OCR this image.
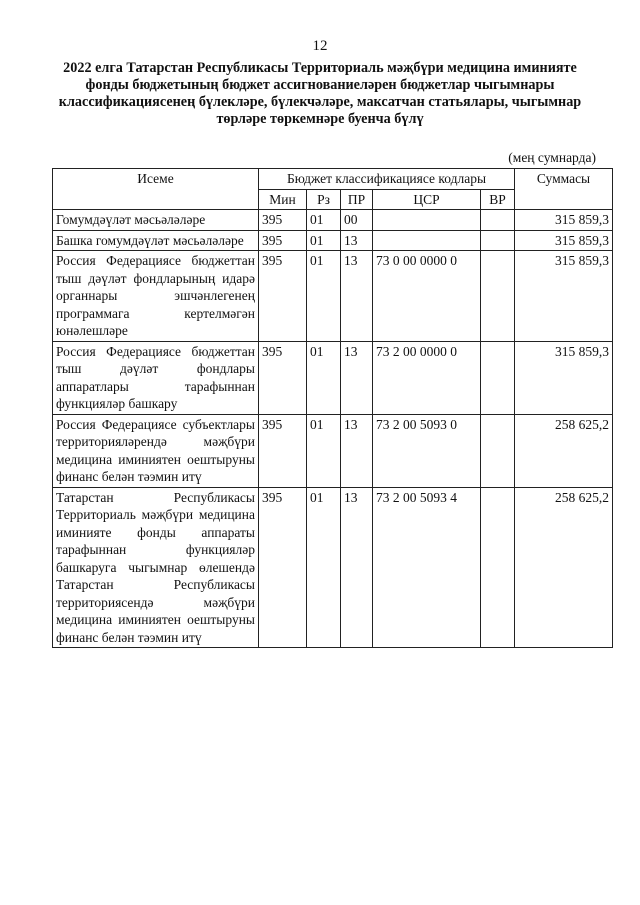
12
2022 елга Татарстан Республикасы Территориаль мәҗбүри медицина иминияте фонды бюджетының бюджет ассигнованиеләрен бюджетлар чыгымнары классификациясенең бүлекләре, бүлекчәләре, максатчан статьялары, чыгымнар төрләре төркемнәре буенча бүлү
(мең сумнарда)
Исеме	Бюджет классификациясе кодлары					Суммасы
	Мин	Рз	ПР	ЦСР	ВР	
Гомумдәүләт мәсьәләләре	395	01	00			315 859,3
Башка гомумдәүләт мәсьәләләре	395	01	13			315 859,3
Россия Федерациясе бюджеттан тыш дәүләт фондларының идарә органнары эшчәнлегенең программага кертелмәгән юнәлешләре	395	01	13	73 0 00 0000 0		315 859,3
Россия Федерациясе бюджеттан тыш дәүләт фондлары аппаратлары тарафыннан функцияләр башкару	395	01	13	73 2 00 0000 0		315 859,3
Россия Федерациясе субъектлары территорияләрендә мәҗбүри медицина иминиятен оештыруны финанс белән тәэмин итү	395	01	13	73 2 00 5093 0		258 625,2
Татарстан Республикасы Территориаль мәҗбүри медицина иминияте фонды аппараты тарафыннан функцияләр башкаруга чыгымнар өлешендә Татарстан Республикасы территориясендә мәҗбүри медицина иминиятен оештыруны финанс белән тәэмин итү	395	01	13	73 2 00 5093 4		258 625,2
